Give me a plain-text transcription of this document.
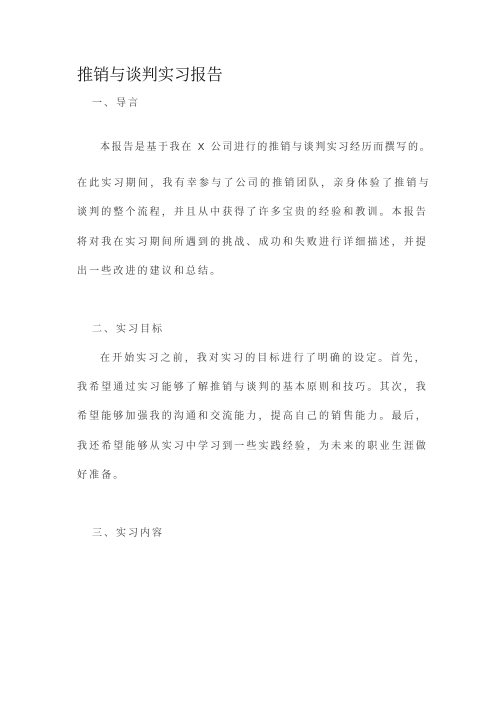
推销与谈判实习报告
一、导言
本报告是基于我在 X 公司进行的推销与谈判实习经历而撰写的。
在此实习期间，我有幸参与了公司的推销团队，亲身体验了推销与
谈判的整个流程，并且从中获得了许多宝贵的经验和教训。本报告
将对我在实习期间所遇到的挑战、成功和失败进行详细描述，并提
出一些改进的建议和总结。
二、实习目标
在开始实习之前，我对实习的目标进行了明确的设定。首先，
我希望通过实习能够了解推销与谈判的基本原则和技巧。其次，我
希望能够加强我的沟通和交流能力，提高自己的销售能力。最后，
我还希望能够从实习中学习到一些实践经验，为未来的职业生涯做
好准备。
三、实习内容
